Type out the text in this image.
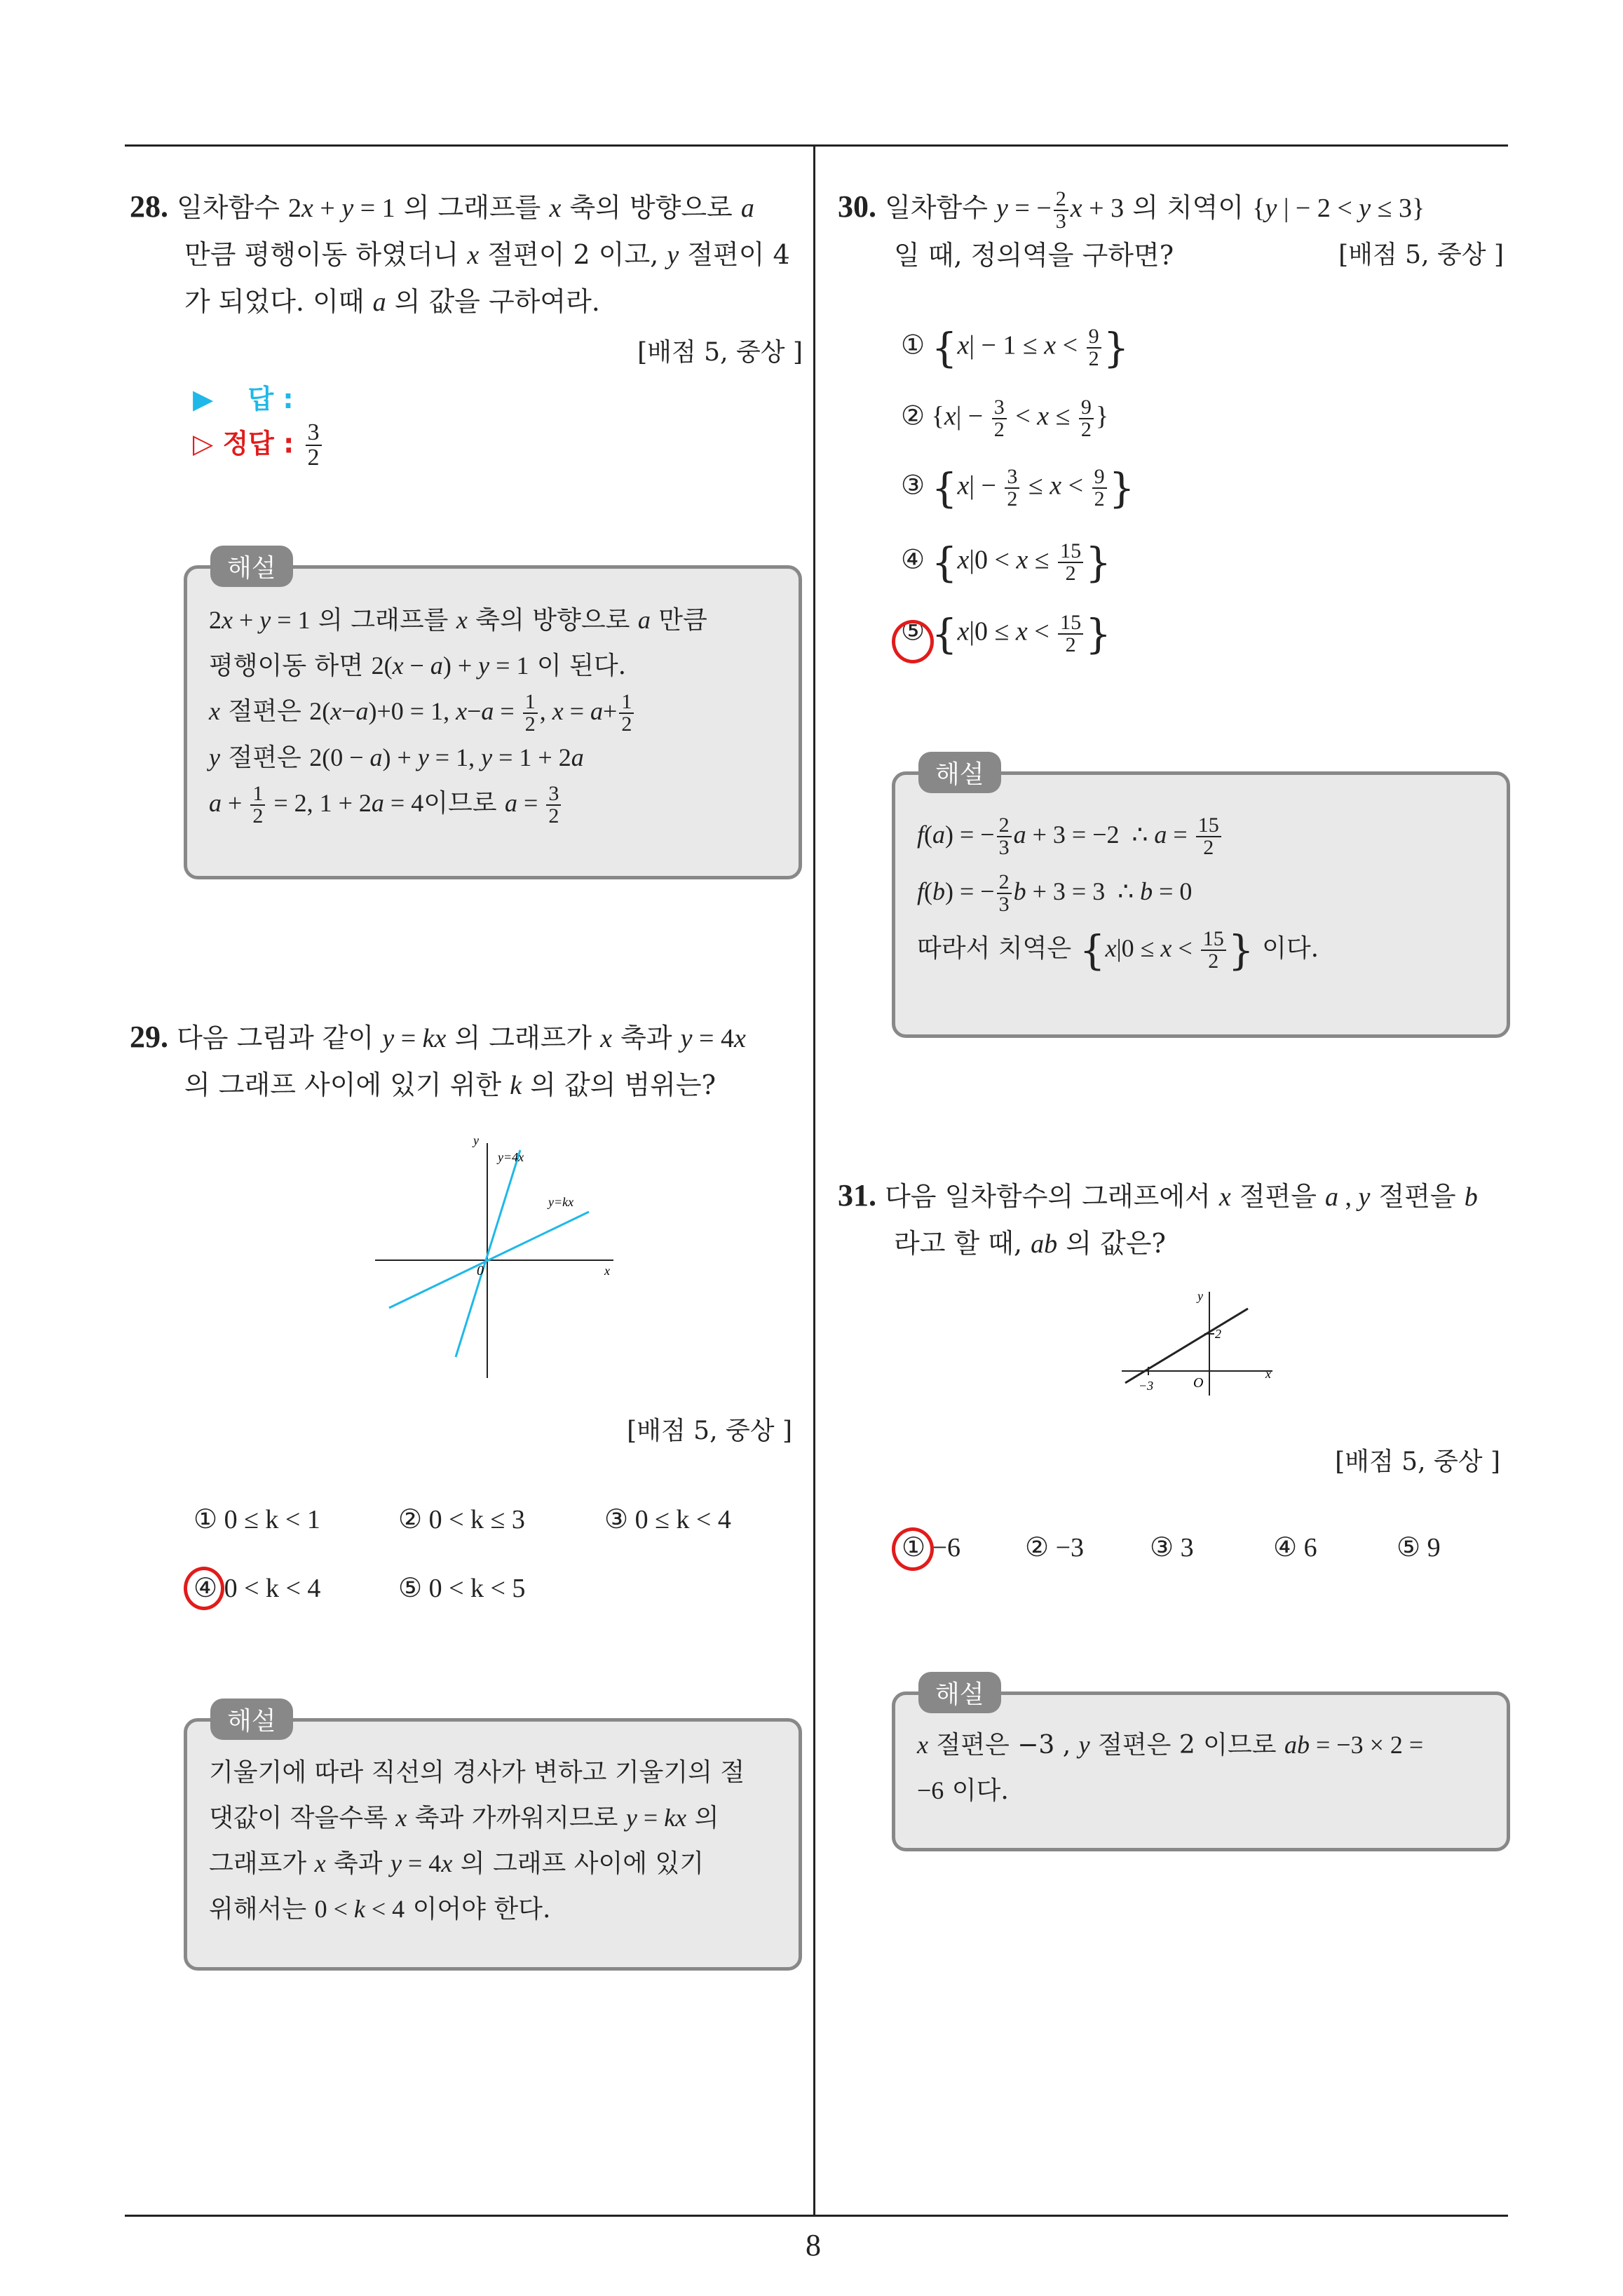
8
28. 일차함수 2x + y = 1 의 그래프를 x 축의 방향으로 a
만큼 평행이동 하였더니 x 절편이 2 이고, y 절편이 4
가 되었다. 이때 a 의 값을 구하여라.
[배점 5, 중상 ]
▶ 답 :
▷ 정답 : $\frac{3}{2}$
해설
2x + y = 1 의 그래프를 x 축의 방향으로 a 만큼
평행이동 하면 2(x − a) + y = 1 이 된다.
x 절편은 2(x−a)+0 = 1, $x-a = \frac{1}{2}$ , $x = a+ \frac{1}{2}$
y 절편은 2(0 − a) + y = 1, y = 1 + 2a
$a + \frac{1}{2} = 2$, 1 + 2a = 4이므로 $a = \frac{3}{2}$
29. 다음 그림과 같이 y = kx 의 그래프가 x 축과 y = 4x
의 그래프 사이에 있기 위한 k 의 값의 범위는?
y
x
0
y=4x
y=kx
[배점 5, 중상 ]
① 0 ≤ k < 1	② 0 < k ≤ 3	③ 0 ≤ k < 4
④ 0 < k < 4	⑤ 0 < k < 5
해설
기울기에 따라 직선의 경사가 변하고 기울기의 절
댓값이 작을수록 x 축과 가까워지므로 y = kx 의
그래프가 x 축과 y = 4x 의 그래프 사이에 있기
위해서는 0 < k < 4 이어야 한다.
30. 일차함수 y = − $\frac{2}{3}$ x + 3 의 치역이 {y | − 2 < y ≤ 3}
일 때, 정의역을 구하면?	[배점 5, 중상 ]
① {$x| - 1 \le x < \frac{9}{2}$ }
② {$x| - \frac{3}{2} < x \le \frac{9}{2}$ }
③ {$x| - \frac{3}{2} \le x < \frac{9}{2}$ }
④ {$x|0 < x \le \frac{15}{2}$ }
⑤ {$x|0 \le x < \frac{15}{2}$ }
해설
f(a) = − $\frac{2}{3}$ a + 3 = −2  ∴ $a = \frac{15}{2}$
f(b) = − $\frac{2}{3}$ b + 3 = 3  ∴ b = 0
따라서 치역은 {$x|0 \le x < \frac{15}{2}$ } 이다.
31. 다음 일차함수의 그래프에서 x 절편을 a , y 절편을 b
라고 할 때, ab 의 값은?
y
x
O
−3
2
[배점 5, 중상 ]
① −6 ② −3 ③ 3	④ 6	⑤ 9
해설
x 절편은 −3 , y 절편은 2 이므로 ab = −3 × 2 =
−6 이다.
